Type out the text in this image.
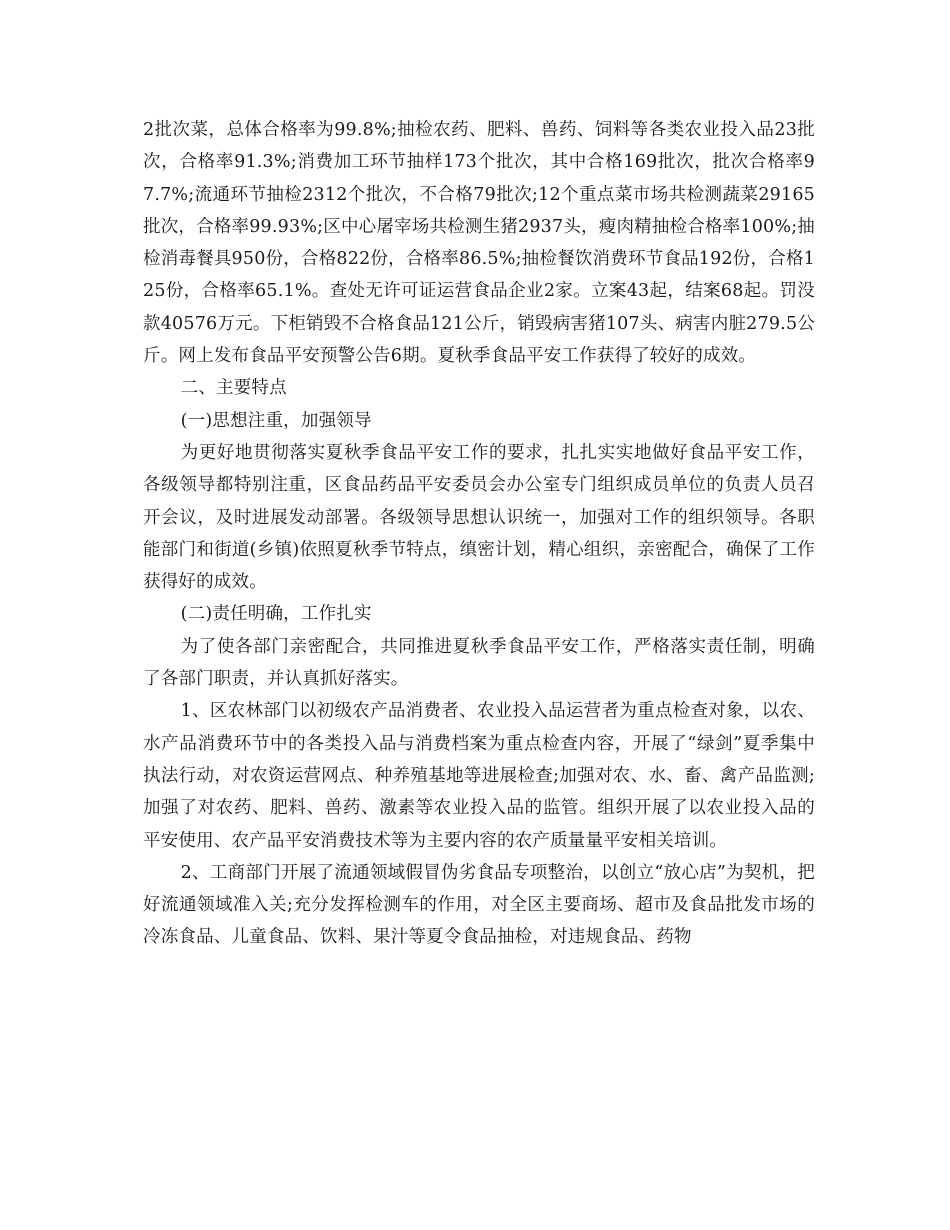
2批次菜，总体合格率为99.8%;抽检农药、肥料、兽药、饲料等各类农业投入品23批次，合格率91.3%;消费加工环节抽样173个批次，其中合格169批次，批次合格率97.7%;流通环节抽检2312个批次，不合格79批次;12个重点菜市场共检测蔬菜29165批次，合格率99.93%;区中心屠宰场共检测生猪2937头，瘦肉精抽检合格率100%;抽检消毒餐具950份，合格822份，合格率86.5%;抽检餐饮消费环节食品192份，合格125份，合格率65.1%。查处无许可证运营食品企业2家。立案43起，结案68起。罚没款40576万元。下柜销毁不合格食品121公斤，销毁病害猪107头、病害内脏279.5公斤。网上发布食品平安预警公告6期。夏秋季食品平安工作获得了较好的成效。

二、主要特点

(一)思想注重，加强领导

为更好地贯彻落实夏秋季食品平安工作的要求，扎扎实实地做好食品平安工作，各级领导都特别注重，区食品药品平安委员会办公室专门组织成员单位的负责人员召开会议，及时进展发动部署。各级领导思想认识统一，加强对工作的组织领导。各职能部门和街道(乡镇)依照夏秋季节特点，缜密计划，精心组织，亲密配合，确保了工作获得好的成效。

(二)责任明确，工作扎实

为了使各部门亲密配合，共同推进夏秋季食品平安工作，严格落实责任制，明确了各部门职责，并认真抓好落实。

1、区农林部门以初级农产品消费者、农业投入品运营者为重点检查对象，以农、水产品消费环节中的各类投入品与消费档案为重点检查内容，开展了“绿剑”夏季集中执法行动，对农资运营网点、种养殖基地等进展检查;加强对农、水、畜、禽产品监测;加强了对农药、肥料、兽药、激素等农业投入品的监管。组织开展了以农业投入品的平安使用、农产品平安消费技术等为主要内容的农产质量量平安相关培训。

2、工商部门开展了流通领域假冒伪劣食品专项整治，以创立“放心店”为契机，把好流通领域准入关;充分发挥检测车的作用，对全区主要商场、超市及食品批发市场的冷冻食品、儿童食品、饮料、果汁等夏令食品抽检，对违规食品、药物
